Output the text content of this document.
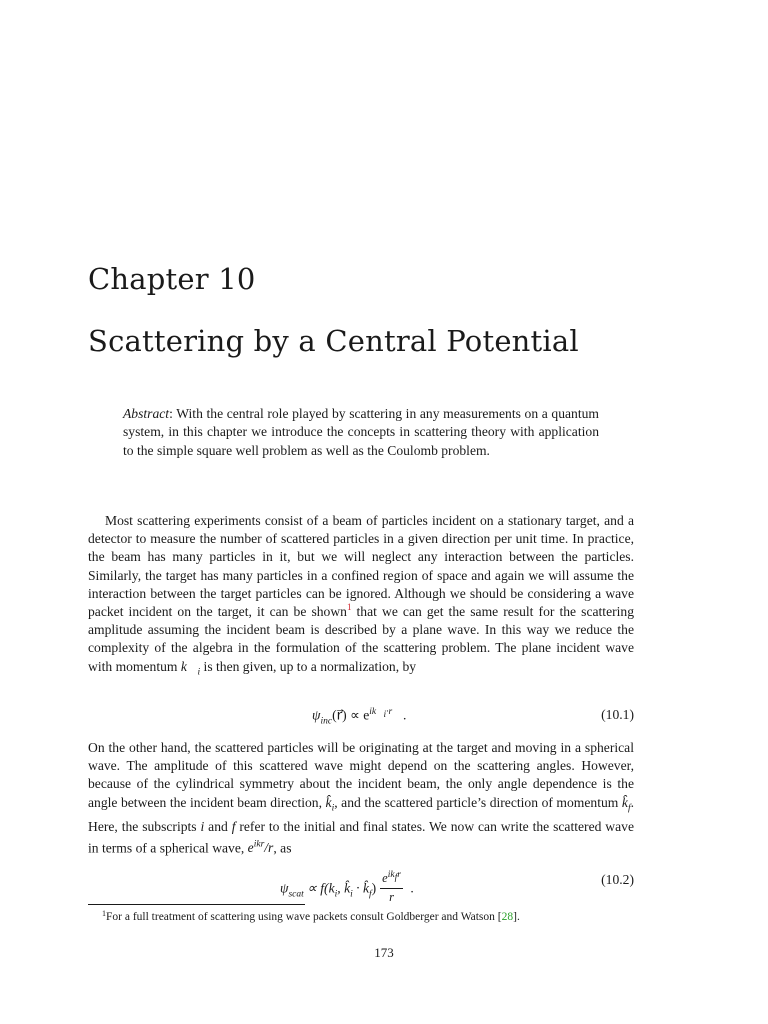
Chapter 10
Scattering by a Central Potential
Abstract: With the central role played by scattering in any measurements on a quantum system, in this chapter we introduce the concepts in scattering theory with application to the simple square well problem as well as the Coulomb problem.
Most scattering experiments consist of a beam of particles incident on a stationary target, and a detector to measure the number of scattered particles in a given direction per unit time. In practice, the beam has many particles in it, but we will neglect any interaction between the particles. Similarly, the target has many particles in a confined region of space and again we will assume the interaction between the target particles can be ignored. Although we should be considering a wave packet incident on the target, it can be shown$^1$ that we can get the same result for the scattering amplitude assuming the incident beam is described by a plane wave. In this way we reduce the complexity of the algebra in the formulation of the scattering problem. The plane incident wave with momentum $k⃗_i$ is then given, up to a normalization, by
$\psi_{inc}(r⃗) \propto e^{ik⃗_i\cdot r⃗}$ .	(10.1)
On the other hand, the scattered particles will be originating at the target and moving in a spherical wave. The amplitude of this scattered wave might depend on the scattering angles. However, because of the cylindrical symmetry about the incident beam, the only angle dependence is the angle between the incident beam direction, $k̂_i$, and the scattered particle’s direction of momentum $k̂_f$. Here, the subscripts i and f refer to the initial and final states. We now can write the scattered wave in terms of a spherical wave, $e^{ikr}/r$, as
$\psi_{scat} \propto f(k_i$, $k̂_i$ · $k̂_f) \frac{e^{ik_fr}}{r}$ .
(10.2)
$^1$For a full treatment of scattering using wave packets consult Goldberger and Watson [28].
173
